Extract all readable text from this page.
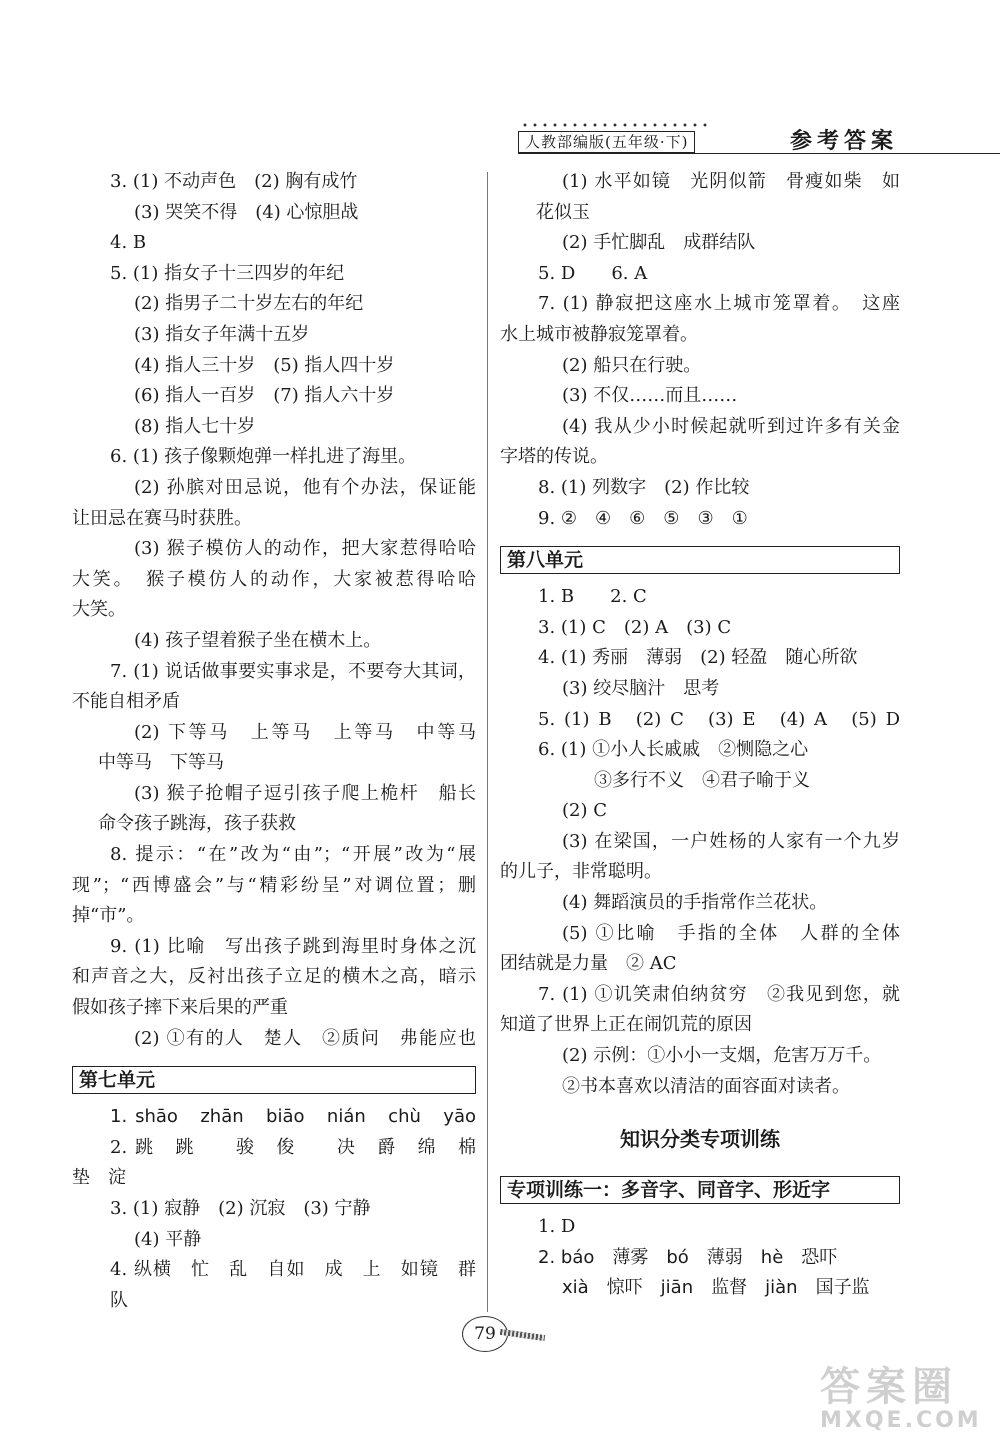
人教部编版(五年级·下)	参考答案
3. (1) 不动声色　(2) 胸有成竹
(3) 哭笑不得　(4) 心惊胆战
4. B
5. (1) 指女子十三四岁的年纪
(2) 指男子二十岁左右的年纪
(3) 指女子年满十五岁
(4) 指人三十岁　(5) 指人四十岁
(6) 指人一百岁　(7) 指人六十岁
(8) 指人七十岁
6. (1) 孩子像颗炮弹一样扎进了海里。
(2) 孙膑对田忌说，他有个办法，保证能
让田忌在赛马时获胜。
(3) 猴子模仿人的动作，把大家惹得哈哈
大笑。　猴子模仿人的动作，大家被惹得哈哈
大笑。
(4) 孩子望着猴子坐在横木上。
7. (1) 说话做事要实事求是，不要夸大其词，
不能自相矛盾
(2) 下等马　上等马　上等马　中等马
中等马　下等马
(3) 猴子抢帽子逗引孩子爬上桅杆　船长
命令孩子跳海，孩子获救
8. 提示：“在”改为“由”；“开展”改为“展
现”；“西博盛会”与“精彩纷呈”对调位置；删
掉“市”。
9. (1) 比喻　写出孩子跳到海里时身体之沉
和声音之大，反衬出孩子立足的横木之高，暗示
假如孩子摔下来后果的严重
(2) ①有的人　楚人　②质问　弗能应也
第七单元
1. shāo　zhān　biāo　nián　chù　yāo
2. 跳　跳　　骏　俊　　决　爵　绵　棉
垫　淀
3. (1) 寂静　(2) 沉寂　(3) 宁静
(4) 平静
4. 纵横　忙　乱　自如　成　上　如镜　群　队
(1) 水平如镜　光阴似箭　骨瘦如柴　如
花似玉
(2) 手忙脚乱　成群结队
5. D　　6. A
7. (1) 静寂把这座水上城市笼罩着。　这座
水上城市被静寂笼罩着。
(2) 船只在行驶。
(3) 不仅……而且……
(4) 我从少小时候起就听到过许多有关金
字塔的传说。
8. (1) 列数字　(2) 作比较
9. ②　④　⑥　⑤　③　①
第八单元
1. B　　2. C
3. (1) C　(2) A　(3) C
4. (1) 秀丽　薄弱　(2) 轻盈　随心所欲
(3) 绞尽脑汁　思考
5. (1) B　(2) C　(3) E　(4) A　(5) D
6. (1) ①小人长戚戚　②恻隐之心
③多行不义　④君子喻于义
(2) C
(3) 在梁国，一户姓杨的人家有一个九岁
的儿子，非常聪明。
(4) 舞蹈演员的手指常作兰花状。
(5) ①比喻　手指的全体　人群的全体
团结就是力量　② AC
7. (1) ①讥笑肃伯纳贫穷　②我见到您，就
知道了世界上正在闹饥荒的原因
(2) 示例：①小小一支烟，危害万万千。
②书本喜欢以清洁的面容面对读者。
知识分类专项训练
专项训练一：多音字、同音字、形近字
1. D
2. báo　薄雾　bó　薄弱　hè　恐吓
xià　惊吓　jiān　监督　jiàn　国子监
79
答案圈
MXQE.COM
